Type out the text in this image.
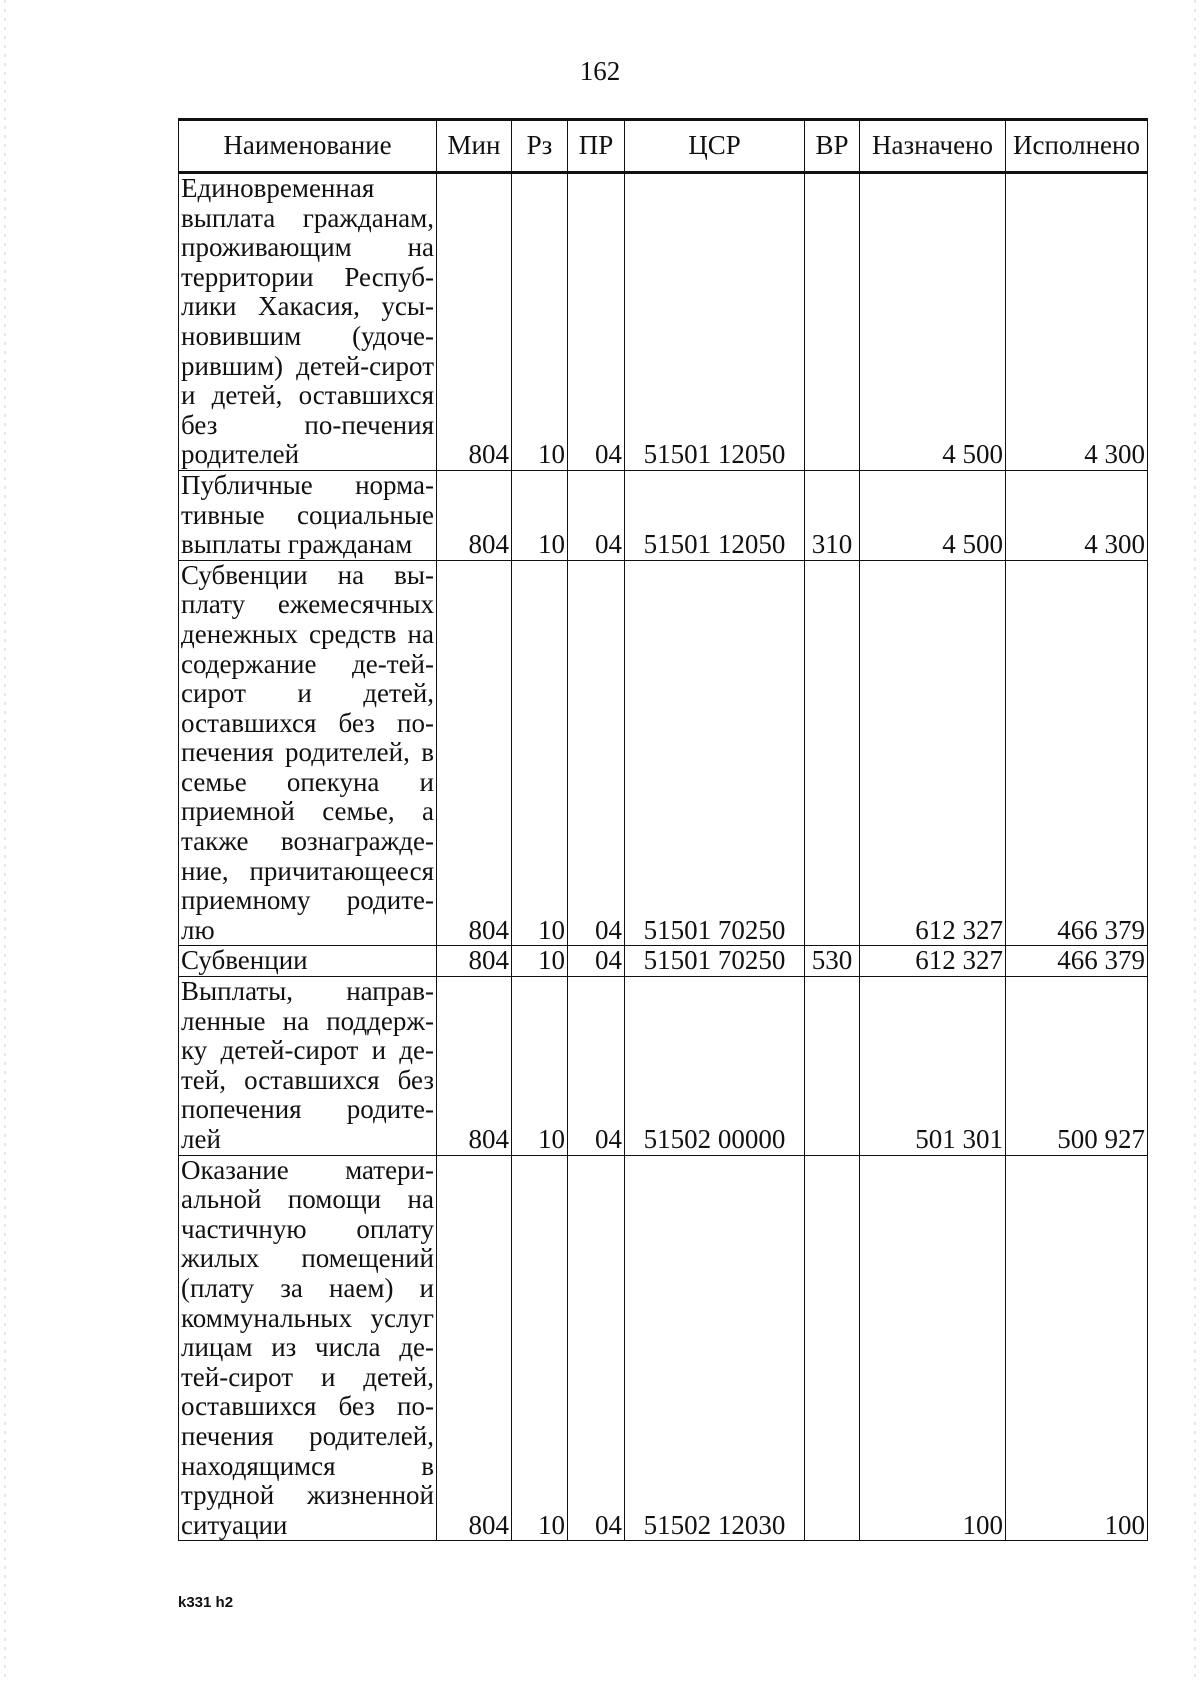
162
Наименование	Мин	Рз	ПР	ЦСР	ВР	Назначено	Исполнено
Единовременная выплата гражданам, проживающим на территории Респуб-лики Хакасия, усы-новившим (удоче-рившим) детей-сирот и детей, оставшихся без по-печения родителей	804	10	04	51501 12050		4 500	4 300
Публичные норма-тивные социальные выплаты гражданам	804	10	04	51501 12050	310	4 500	4 300
Субвенции на вы-плату ежемесячных денежных средств на содержание де-тей-сирот и детей, оставшихся без по-печения родителей, в семье опекуна и приемной семье, а также вознагражде-ние, причитающееся приемному родите-лю	804	10	04	51501 70250		612 327	466 379
Субвенции	804	10	04	51501 70250	530	612 327	466 379
Выплаты, направ-ленные на поддерж-ку детей-сирот и де-тей, оставшихся без попечения родите-лей	804	10	04	51502 00000		501 301	500 927
Оказание матери-альной помощи на частичную оплату жилых помещений (плату за наем) и коммунальных услуг лицам из числа де-тей-сирот и детей, оставшихся без по-печения родителей, находящимся в трудной жизненной ситуации	804	10	04	51502 12030		100	100
k331 h2
